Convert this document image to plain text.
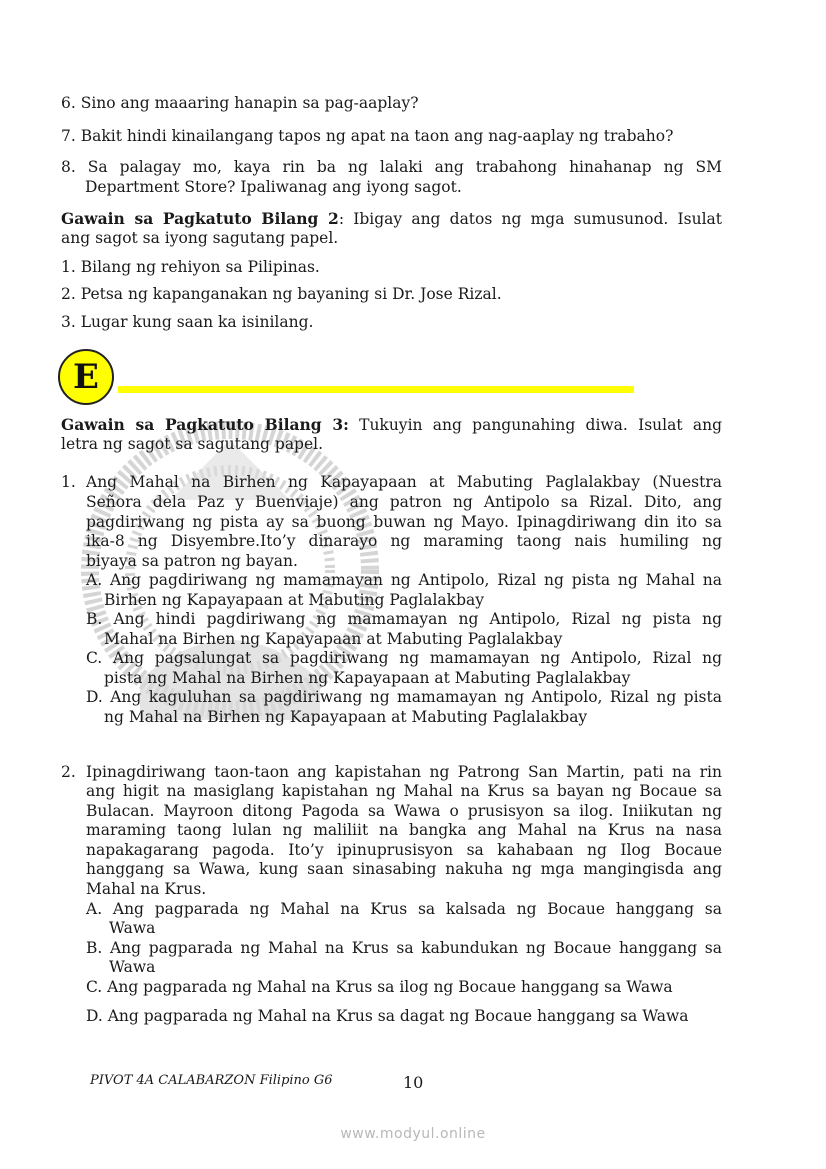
6. Sino ang maaaring hanapin sa pag-aaplay?
7. Bakit hindi kinailangang tapos ng apat na taon ang nag-aaplay ng trabaho?
8. Sa palagay mo, kaya rin ba ng lalaki ang trabahong hinahanap ng SM
Department Store? Ipaliwanag ang iyong sagot.
Gawain sa Pagkatuto Bilang 2: Ibigay ang datos ng mga sumusunod. Isulat
ang sagot sa iyong sagutang papel.
1. Bilang ng rehiyon sa Pilipinas.
2. Petsa ng kapanganakan ng bayaning si Dr. Jose Rizal.
3. Lugar kung saan ka isinilang.
E
Gawain sa Pagkatuto Bilang 3: Tukuyin ang pangunahing diwa. Isulat ang
letra ng sagot sa sagutang papel.
1. Ang Mahal na Birhen ng Kapayapaan at Mabuting Paglalakbay (Nuestra
Señora dela Paz y Buenviaje) ang patron ng Antipolo sa Rizal. Dito, ang
pagdiriwang ng pista ay sa buong buwan ng Mayo. Ipinagdiriwang din ito sa
ika-8 ng Disyembre.Ito’y dinarayo ng maraming taong nais humiling ng
biyaya sa patron ng bayan.
A. Ang pagdiriwang ng mamamayan ng Antipolo, Rizal ng pista ng Mahal na
Birhen ng Kapayapaan at Mabuting Paglalakbay
B. Ang hindi pagdiriwang ng mamamayan ng Antipolo, Rizal ng pista ng
Mahal na Birhen ng Kapayapaan at Mabuting Paglalakbay
C. Ang pagsalungat sa pagdiriwang ng mamamayan ng Antipolo, Rizal ng
pista ng Mahal na Birhen ng Kapayapaan at Mabuting Paglalakbay
D. Ang kaguluhan sa pagdiriwang ng mamamayan ng Antipolo, Rizal ng pista
ng Mahal na Birhen ng Kapayapaan at Mabuting Paglalakbay
2. Ipinagdiriwang taon-taon ang kapistahan ng Patrong San Martin, pati na rin
ang higit na masiglang kapistahan ng Mahal na Krus sa bayan ng Bocaue sa
Bulacan. Mayroon ditong Pagoda sa Wawa o prusisyon sa ilog. Iniikutan ng
maraming taong lulan ng maliliit na bangka ang Mahal na Krus na nasa
napakagarang pagoda. Ito’y ipinuprusisyon sa kahabaan ng Ilog Bocaue
hanggang sa Wawa, kung saan sinasabing nakuha ng mga mangingisda ang
Mahal na Krus.
A. Ang pagparada ng Mahal na Krus sa kalsada ng Bocaue hanggang sa
Wawa
B. Ang pagparada ng Mahal na Krus sa kabundukan ng Bocaue hanggang sa
Wawa
C. Ang pagparada ng Mahal na Krus sa ilog ng Bocaue hanggang sa Wawa
D. Ang pagparada ng Mahal na Krus sa dagat ng Bocaue hanggang sa Wawa
PIVOT 4A CALABARZON Filipino G6	10
www.modyul.online
